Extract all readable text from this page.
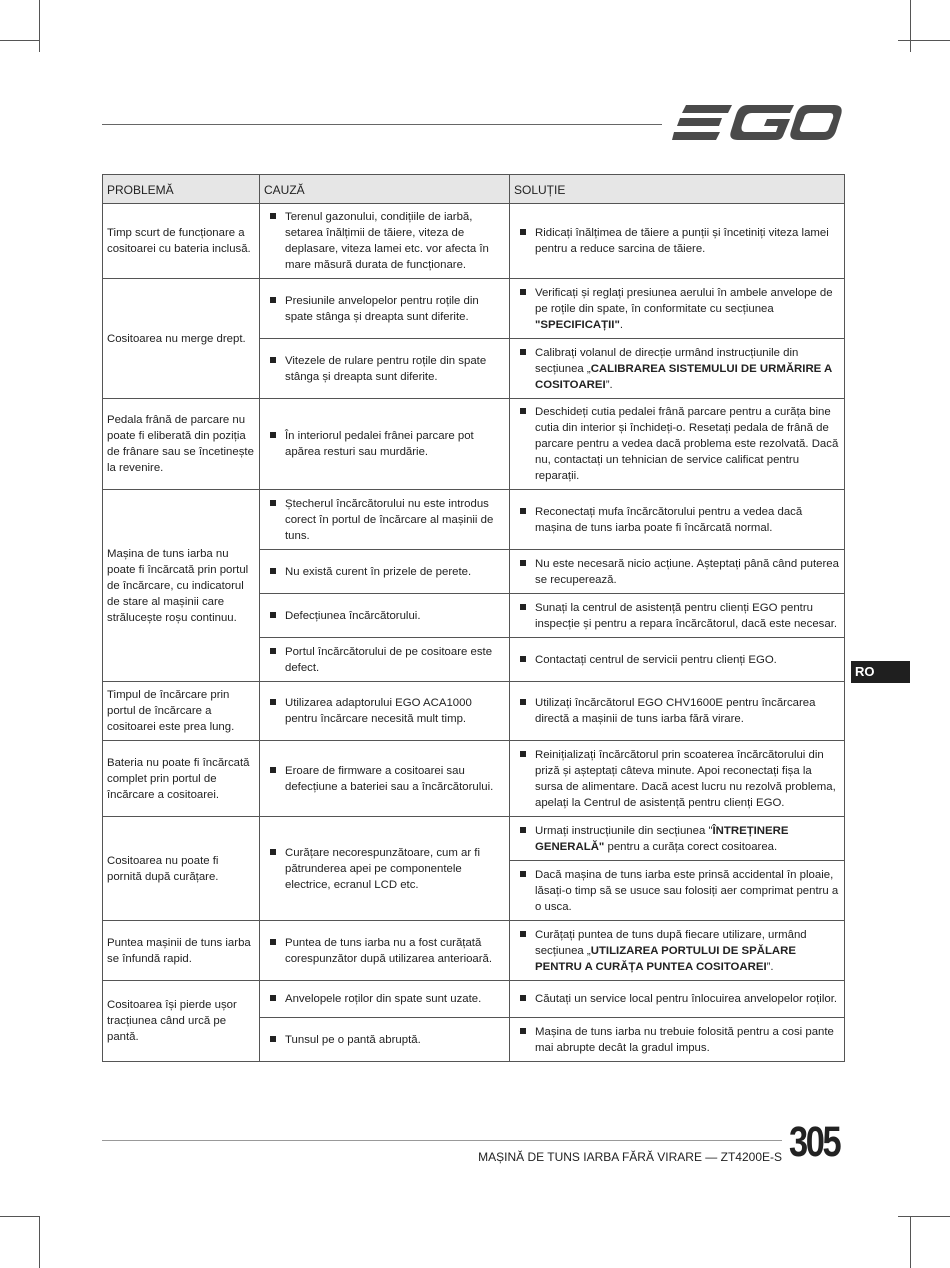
PROBLEMĂ	CAUZĂ	SOLUȚIE
Timp scurt de funcționare a cositoarei cu bateria inclusă.	Terenul gazonului, condițiile de iarbă, setarea înălțimii de tăiere, viteza de deplasare, viteza lamei etc. vor afecta în mare măsură durata de funcționare.	Ridicați înălțimea de tăiere a punții și încetiniți viteza lamei pentru a reduce sarcina de tăiere.

Cositoarea nu merge drept.	Presiunile anvelopelor pentru roțile din spate stânga și dreapta sunt diferite.	Verificați și reglați presiunea aerului în ambele anvelope de pe roțile din spate, în conformitate cu secțiunea "SPECIFICAȚII".

	Vitezele de rulare pentru roțile din spate stânga și dreapta sunt diferite.	Calibrați volanul de direcție urmând instrucțiunile din secțiunea „CALIBRAREA SISTEMULUI DE URMĂRIRE A COSITOAREI”.

Pedala frână de parcare nu poate fi eliberată din poziția de frânare sau se încetinește la revenire.	În interiorul pedalei frânei parcare pot apărea resturi sau murdărie.	Deschideți cutia pedalei frână parcare pentru a curăța bine cutia din interior și închideți-o. Resetați pedala de frână de parcare pentru a vedea dacă problema este rezolvată. Dacă nu, contactați un tehnician de service calificat pentru reparații.

Mașina de tuns iarba nu poate fi încărcată prin portul de încărcare, cu indicatorul de stare al mașinii care strălucește roșu continuu.	Ștecherul încărcătorului nu este introdus corect în portul de încărcare al mașinii de tuns.	Reconectați mufa încărcătorului pentru a vedea dacă mașina de tuns iarba poate fi încărcată normal.

	Nu există curent în prizele de perete.	Nu este necesară nicio acțiune. Așteptați până când puterea se recuperează.

	Defecțiunea încărcătorului.	Sunați la centrul de asistență pentru clienți EGO pentru inspecție și pentru a repara încărcătorul, dacă este necesar.

	Portul încărcătorului de pe cositoare este defect.	Contactați centrul de servicii pentru clienți EGO.

Timpul de încărcare prin portul de încărcare a cositoarei este prea lung.	Utilizarea adaptorului EGO ACA1000 pentru încărcare necesită mult timp.	Utilizați încărcătorul EGO CHV1600E pentru încărcarea directă a mașinii de tuns iarba fără virare.

Bateria nu poate fi încărcată complet prin portul de încărcare a cositoarei.	Eroare de firmware a cositoarei sau defecțiune a bateriei sau a încărcătorului.	Reinițializați încărcătorul prin scoaterea încărcătorului din priză și așteptați câteva minute. Apoi reconectați fișa la sursa de alimentare. Dacă acest lucru nu rezolvă problema, apelați la Centrul de asistență pentru clienți EGO.

Cositoarea nu poate fi pornită după curățare.	Curățare necorespunzătoare, cum ar fi pătrunderea apei pe componentele electrice, ecranul LCD etc.	Urmați instrucțiunile din secțiunea "ÎNTREȚINERE GENERALĂ" pentru a curăța corect cositoarea.

		Dacă mașina de tuns iarba este prinsă accidental în ploaie, lăsați-o timp să se usuce sau folosiți aer comprimat pentru a o usca.

Puntea mașinii de tuns iarba se înfundă rapid.	Puntea de tuns iarba nu a fost curățată corespunzător după utilizarea anterioară.	Curățați puntea de tuns după fiecare utilizare, urmând secțiunea „UTILIZAREA PORTULUI DE SPĂLARE PENTRU A CURĂȚA PUNTEA COSITOAREI”.

Cositoarea își pierde ușor tracțiunea când urcă pe pantă.	Anvelopele roților din spate sunt uzate.	Căutați un service local pentru înlocuirea anvelopelor roților.

	Tunsul pe o pantă abruptă.	Mașina de tuns iarba nu trebuie folosită pentru a cosi pante mai abrupte decât la gradul impus.
RO
MAȘINĂ DE TUNS IARBA FĂRĂ VIRARE — ZT4200E-S 305
